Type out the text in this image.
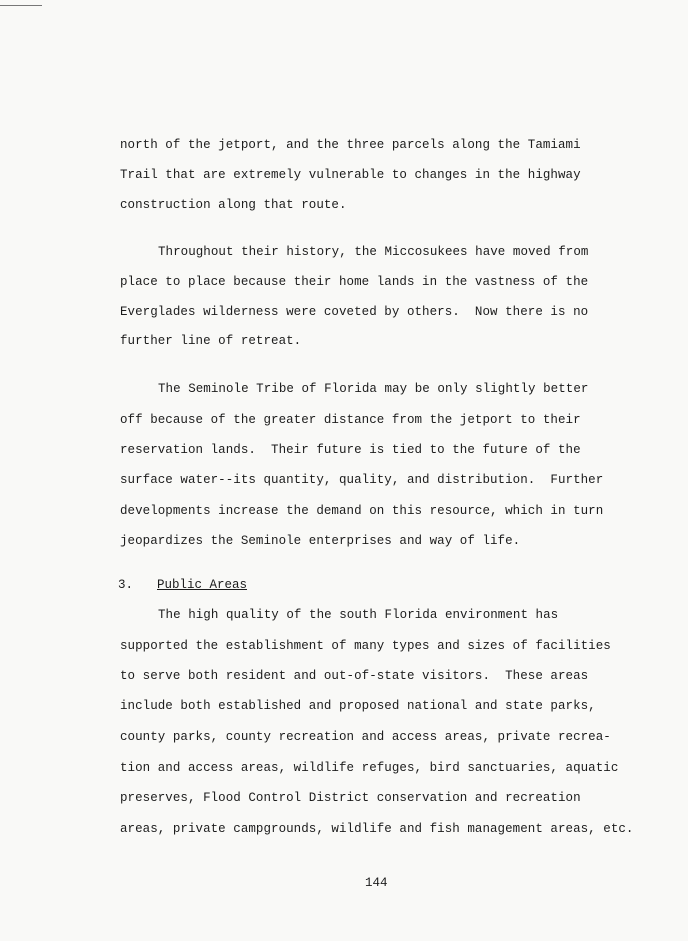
north of the jetport, and the three parcels along the Tamiami
Trail that are extremely vulnerable to changes in the highway
construction along that route.
Throughout their history, the Miccosukees have moved from
place to place because their home lands in the vastness of the
Everglades wilderness were coveted by others.  Now there is no
further line of retreat.
The Seminole Tribe of Florida may be only slightly better
off because of the greater distance from the jetport to their
reservation lands.  Their future is tied to the future of the
surface water--its quantity, quality, and distribution.  Further
developments increase the demand on this resource, which in turn
jeopardizes the Seminole enterprises and way of life.
3. Public Areas
The high quality of the south Florida environment has
supported the establishment of many types and sizes of facilities
to serve both resident and out-of-state visitors.  These areas
include both established and proposed national and state parks,
county parks, county recreation and access areas, private recrea-
tion and access areas, wildlife refuges, bird sanctuaries, aquatic
preserves, Flood Control District conservation and recreation
areas, private campgrounds, wildlife and fish management areas, etc.
144
